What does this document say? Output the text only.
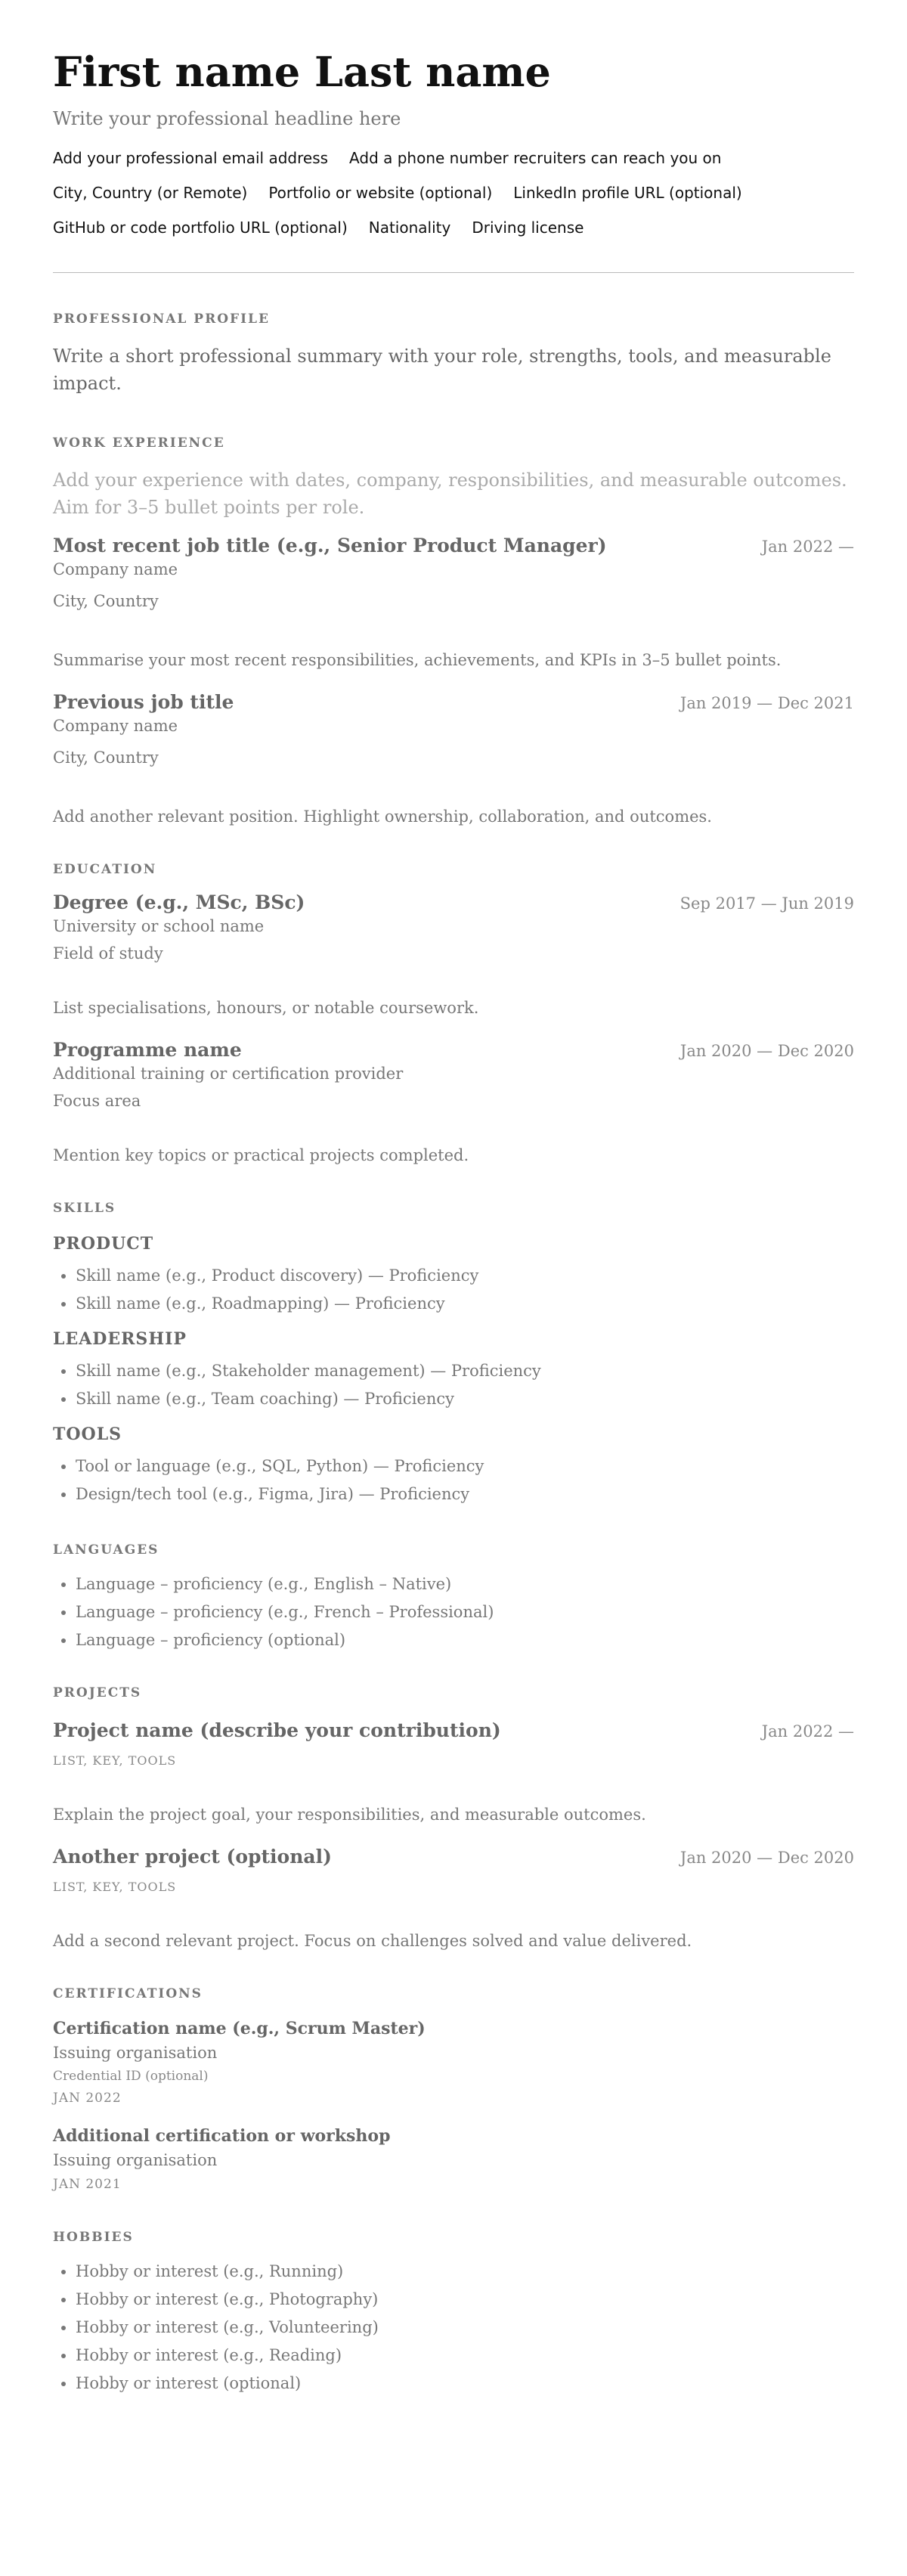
First name Last name
Write your professional headline here
Add your professional email address Add a phone number recruiters can reach you on
City, Country (or Remote) Portfolio or website (optional) LinkedIn profile URL (optional)
GitHub or code portfolio URL (optional) Nationality Driving license
PROFESSIONAL PROFILE
Write a short professional summary with your role, strengths, tools, and measurable impact.
WORK EXPERIENCE
Add your experience with dates, company, responsibilities, and measurable outcomes. Aim for 3–5 bullet points per role.
Most recent job title (e.g., Senior Product Manager)	Jan 2022 —
Company name
City, Country
Summarise your most recent responsibilities, achievements, and KPIs in 3–5 bullet points.
Previous job title	Jan 2019 — Dec 2021
Company name
City, Country
Add another relevant position. Highlight ownership, collaboration, and outcomes.
EDUCATION
Degree (e.g., MSc, BSc)	Sep 2017 — Jun 2019
University or school name
Field of study
List specialisations, honours, or notable coursework.
Programme name	Jan 2020 — Dec 2020
Additional training or certification provider
Focus area
Mention key topics or practical projects completed.
SKILLS
PRODUCT
• Skill name (e.g., Product discovery) — Proficiency
• Skill name (e.g., Roadmapping) — Proficiency
LEADERSHIP
• Skill name (e.g., Stakeholder management) — Proficiency
• Skill name (e.g., Team coaching) — Proficiency
TOOLS
• Tool or language (e.g., SQL, Python) — Proficiency
• Design/tech tool (e.g., Figma, Jira) — Proficiency
LANGUAGES
• Language – proficiency (e.g., English – Native)
• Language – proficiency (e.g., French – Professional)
• Language – proficiency (optional)
PROJECTS
Project name (describe your contribution)	Jan 2022 —
LIST, KEY, TOOLS
Explain the project goal, your responsibilities, and measurable outcomes.
Another project (optional)	Jan 2020 — Dec 2020
LIST, KEY, TOOLS
Add a second relevant project. Focus on challenges solved and value delivered.
CERTIFICATIONS
Certification name (e.g., Scrum Master)
Issuing organisation
Credential ID (optional)
JAN 2022
Additional certification or workshop
Issuing organisation
JAN 2021
HOBBIES
• Hobby or interest (e.g., Running)
• Hobby or interest (e.g., Photography)
• Hobby or interest (e.g., Volunteering)
• Hobby or interest (e.g., Reading)
• Hobby or interest (optional)
